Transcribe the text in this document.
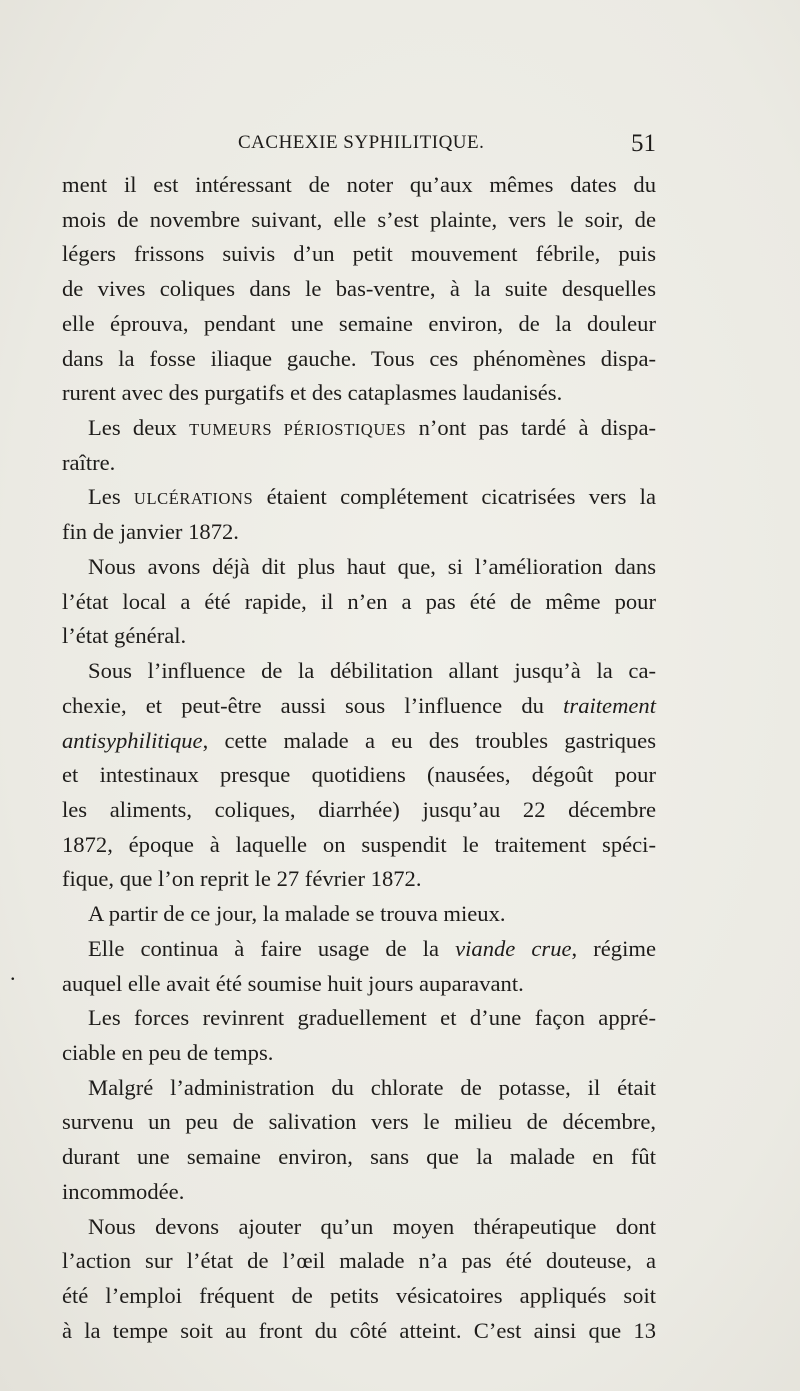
CACHEXIE SYPHILITIQUE.	51
.
ment il est intéressant de noter qu’aux mêmes dates du
mois de novembre suivant, elle s’est plainte, vers le soir, de
légers frissons suivis d’un petit mouvement fébrile, puis
de vives coliques dans le bas-ventre, à la suite desquelles
elle éprouva, pendant une semaine environ, de la douleur
dans la fosse iliaque gauche. Tous ces phénomènes dispa-
rurent avec des purgatifs et des cataplasmes laudanisés.
Les deux TUMEURS PÉRIOSTIQUES n’ont pas tardé à dispa-
raître.
Les ULCÉRATIONS étaient complétement cicatrisées vers la
fin de janvier 1872.
Nous avons déjà dit plus haut que, si l’amélioration dans
l’état local a été rapide, il n’en a pas été de même pour
l’état général.
Sous l’influence de la débilitation allant jusqu’à la ca-
chexie, et peut-être aussi sous l’influence du traitement
antisyphilitique, cette malade a eu des troubles gastriques
et intestinaux presque quotidiens (nausées, dégoût pour
les aliments, coliques, diarrhée) jusqu’au 22 décembre
1872, époque à laquelle on suspendit le traitement spéci-
fique, que l’on reprit le 27 février 1872.
A partir de ce jour, la malade se trouva mieux.
Elle continua à faire usage de la viande crue, régime
auquel elle avait été soumise huit jours auparavant.
Les forces revinrent graduellement et d’une façon appré-
ciable en peu de temps.
Malgré l’administration du chlorate de potasse, il était
survenu un peu de salivation vers le milieu de décembre,
durant une semaine environ, sans que la malade en fût
incommodée.
Nous devons ajouter qu’un moyen thérapeutique dont
l’action sur l’état de l’œil malade n’a pas été douteuse, a
été l’emploi fréquent de petits vésicatoires appliqués soit
à la tempe soit au front du côté atteint. C’est ainsi que 13
